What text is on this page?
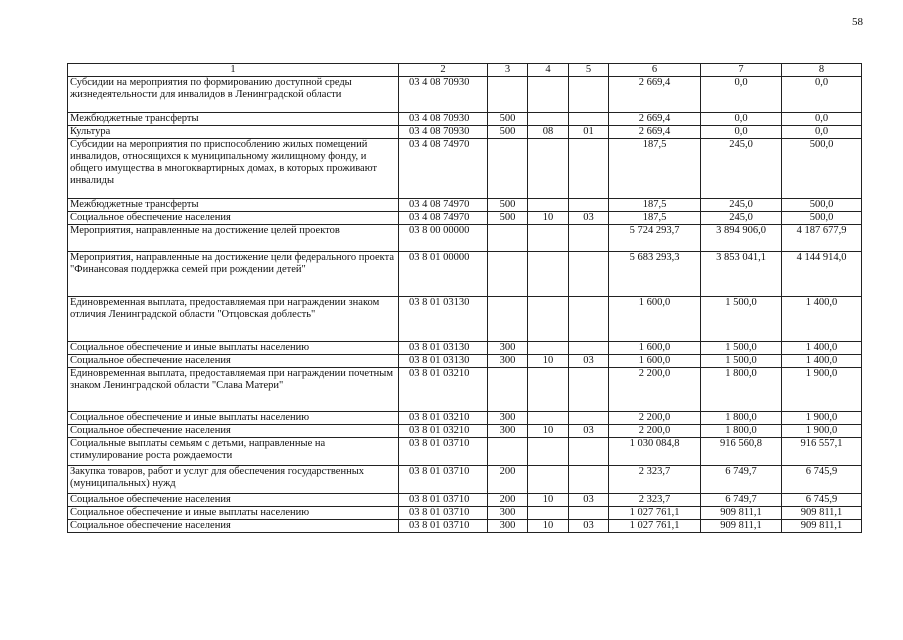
58
1	2	3	4	5	6	7	8
Субсидии на мероприятия по формированию доступной среды жизнедеятельности для инвалидов в Ленинградской области	03 4 08 70930				2 669,4	0,0	0,0
Межбюджетные трансферты	03 4 08 70930	500			2 669,4	0,0	0,0
Культура	03 4 08 70930	500	08	01	2 669,4	0,0	0,0
Субсидии на мероприятия по приспособлению жилых помещений инвалидов, относящихся к муниципальному жилищному фонду, и общего имущества в многоквартирных домах, в которых проживают инвалиды	03 4 08 74970				187,5	245,0	500,0
Межбюджетные трансферты	03 4 08 74970	500			187,5	245,0	500,0
Социальное обеспечение населения	03 4 08 74970	500	10	03	187,5	245,0	500,0
Мероприятия, направленные на достижение целей проектов	03 8 00 00000				5 724 293,7	3 894 906,0	4 187 677,9
Мероприятия, направленные на достижение цели федерального проекта "Финансовая поддержка семей при рождении детей"	03 8 01 00000				5 683 293,3	3 853 041,1	4 144 914,0
Единовременная выплата, предоставляемая при награждении знаком отличия Ленинградской области "Отцовская доблесть"	03 8 01 03130				1 600,0	1 500,0	1 400,0
Социальное обеспечение и иные выплаты населению	03 8 01 03130	300			1 600,0	1 500,0	1 400,0
Социальное обеспечение населения	03 8 01 03130	300	10	03	1 600,0	1 500,0	1 400,0
Единовременная выплата, предоставляемая при награждении почетным знаком Ленинградской области "Слава Матери"	03 8 01 03210				2 200,0	1 800,0	1 900,0
Социальное обеспечение и иные выплаты населению	03 8 01 03210	300			2 200,0	1 800,0	1 900,0
Социальное обеспечение населения	03 8 01 03210	300	10	03	2 200,0	1 800,0	1 900,0
Социальные выплаты семьям с детьми, направленные на стимулирование роста рождаемости	03 8 01 03710				1 030 084,8	916 560,8	916 557,1
Закупка товаров, работ и услуг для обеспечения государственных (муниципальных) нужд	03 8 01 03710	200			2 323,7	6 749,7	6 745,9
Социальное обеспечение населения	03 8 01 03710	200	10	03	2 323,7	6 749,7	6 745,9
Социальное обеспечение и иные выплаты населению	03 8 01 03710	300			1 027 761,1	909 811,1	909 811,1
Социальное обеспечение населения	03 8 01 03710	300	10	03	1 027 761,1	909 811,1	909 811,1
